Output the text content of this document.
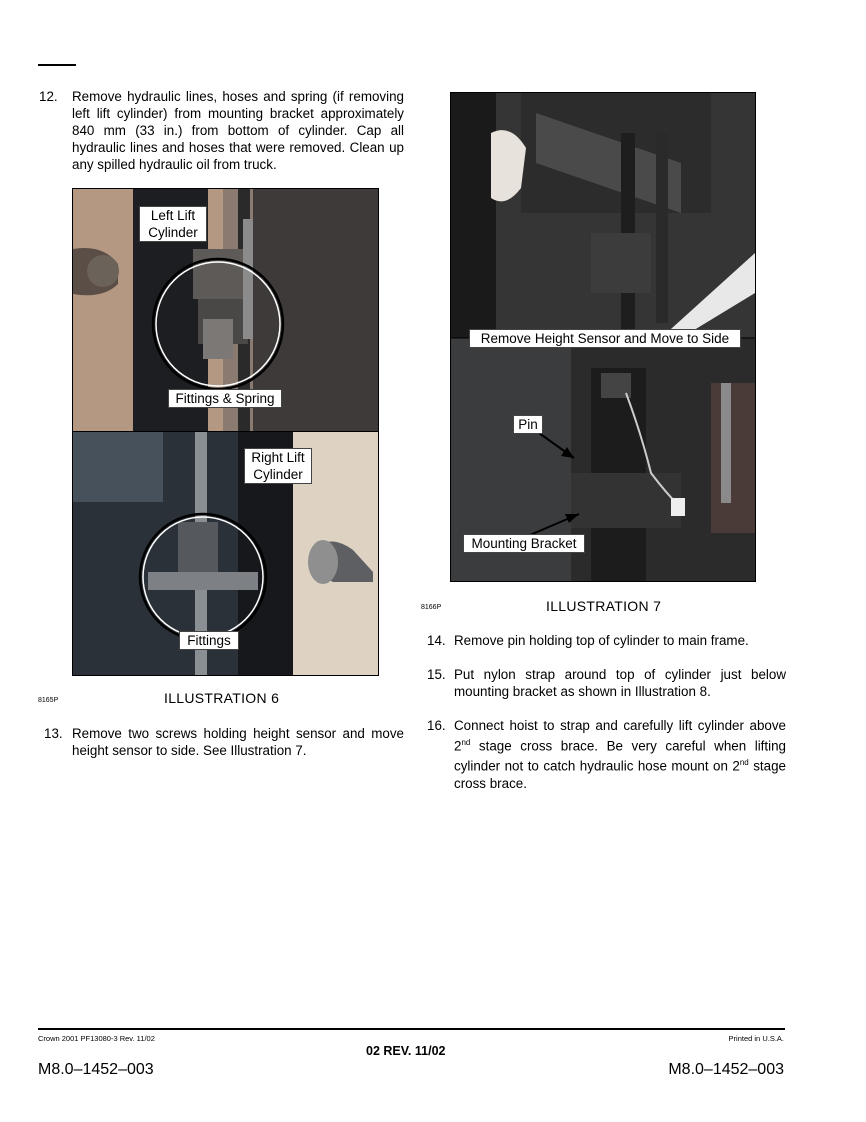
12. Remove hydraulic lines, hoses and spring (if removing left lift cylinder) from mounting bracket approximately 840 mm (33 in.) from bottom of cylinder. Cap all hydraulic lines and hoses that were removed. Clean up any spilled hydraulic oil from truck.
Left Lift
Cylinder
Fittings & Spring
Right Lift
Cylinder
Fittings
8165P	ILLUSTRATION 6
13. Remove two screws holding height sensor and move height sensor to side. See Illustration 7.
Remove Height Sensor and Move to Side
Pin
Mounting Bracket
8166P	ILLUSTRATION 7
14. Remove pin holding top of cylinder to main frame.
15. Put nylon strap around top of cylinder just below mounting bracket as shown in Illustration 8.
16. Connect hoist to strap and carefully lift cylinder above 2nd stage cross brace. Be very careful when lifting cylinder not to catch hydraulic hose mount on 2nd stage cross brace.
Crown 2001 PF13080-3 Rev. 11/02	Printed in U.S.A.
02 REV. 11/02
M8.0–1452–003	M8.0–1452–003
